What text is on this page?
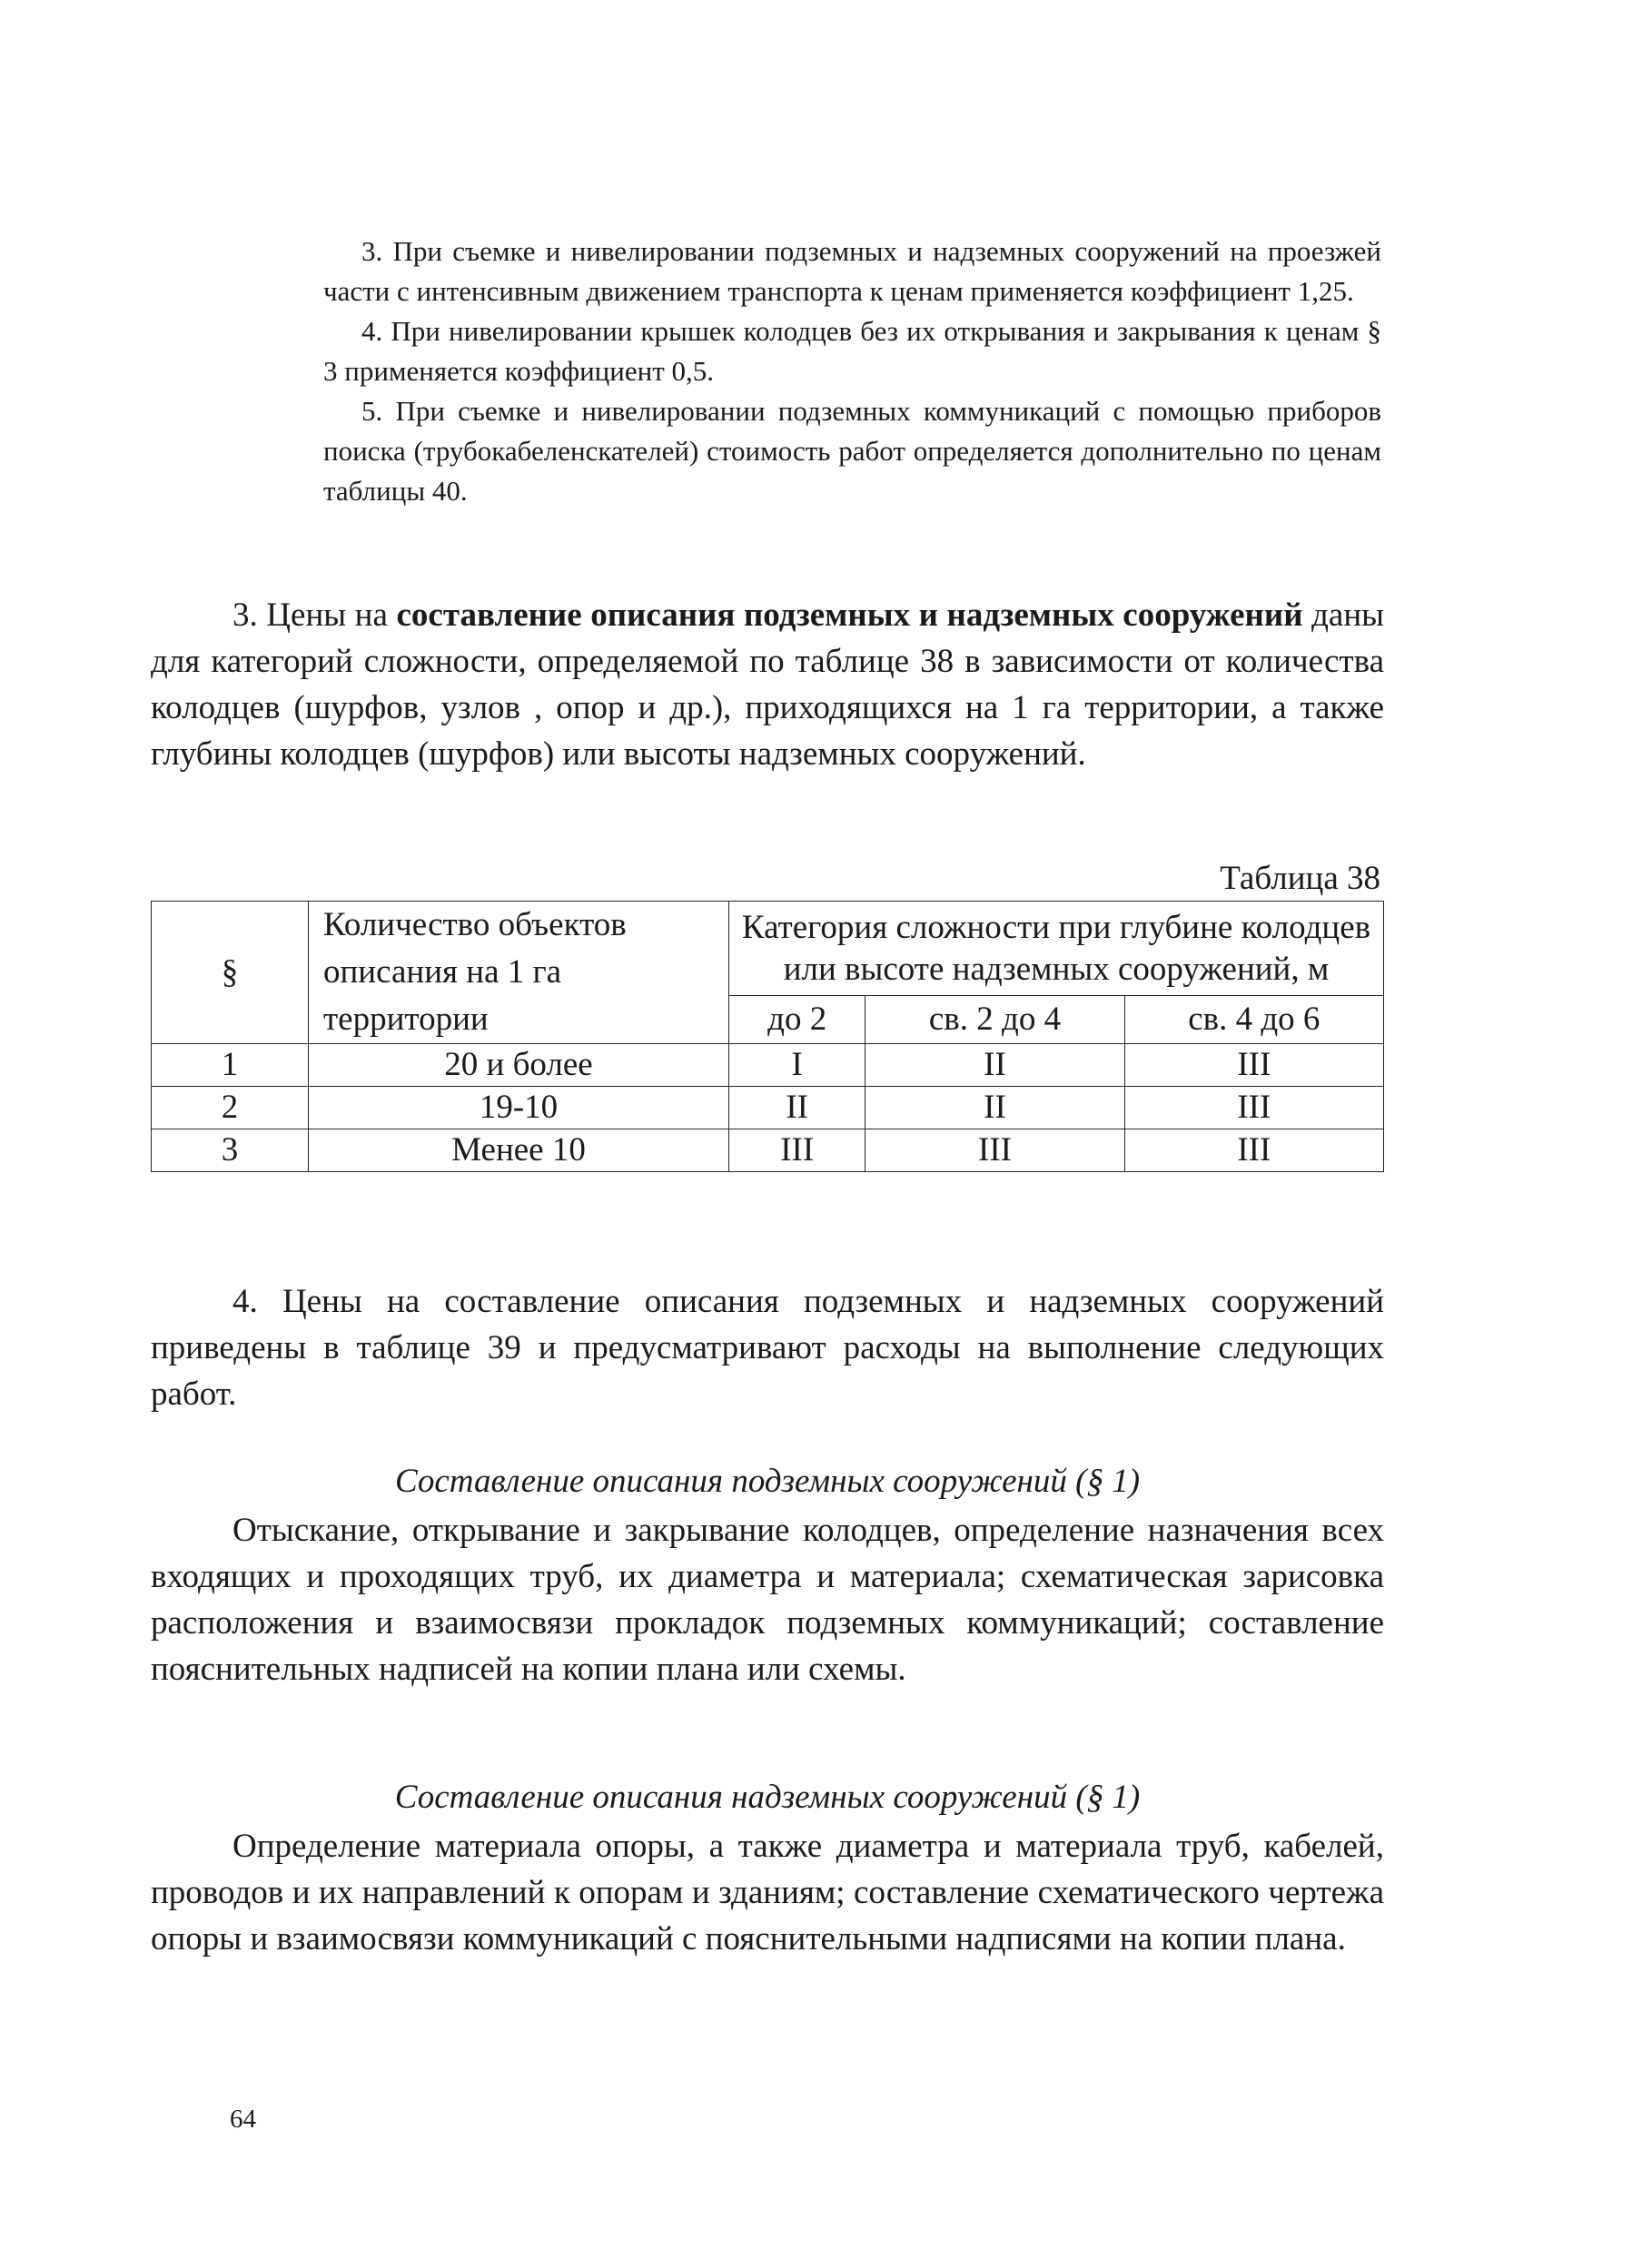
3. При съемке и нивелировании подземных и надземных сооружений на проезжей части с интенсивным движением транспорта к ценам применяется коэффициент 1,25.

4. При нивелировании крышек колодцев без их открывания и закрывания к ценам § 3 применяется коэффициент 0,5.

5. При съемке и нивелировании подземных коммуникаций с помощью приборов поиска (трубокабеленскателей) стоимость работ определяется дополнительно по ценам таблицы 40.

3. Цены на составление описания подземных и надземных сооружений даны для категорий сложности, определяемой по таблице 38 в зависимости от количества колодцев (шурфов, узлов , опор и др.), приходящихся на 1 га территории, а также глубины колодцев (шурфов) или высоты надземных сооружений.

Таблица 38
§	Количество объектов описания на 1 га территории	Категория сложности при глубине колодцев или высоте надземных сооружений, м		
		до 2	св. 2 до 4	св. 4 до 6
1	20 и более	I	II	III
2	19-10	II	II	III
3	Менее 10	III	III	III

4. Цены на составление описания подземных и надземных сооружений приведены в таблице 39 и предусматривают расходы на выполнение следующих работ.

Составление описания подземных сооружений (§ 1)

Отыскание, открывание и закрывание колодцев, определение назначения всех входящих и проходящих труб, их диаметра и материала; схематическая зарисовка расположения и взаимосвязи прокладок подземных коммуникаций; составление пояснительных надписей на копии плана или схемы.

Составление описания надземных сооружений (§ 1)

Определение материала опоры, а также диаметра и материала труб, кабелей, проводов и их направлений к опорам и зданиям; составление схематического чертежа опоры и взаимосвязи коммуникаций с пояснительными надписями на копии плана.

64
